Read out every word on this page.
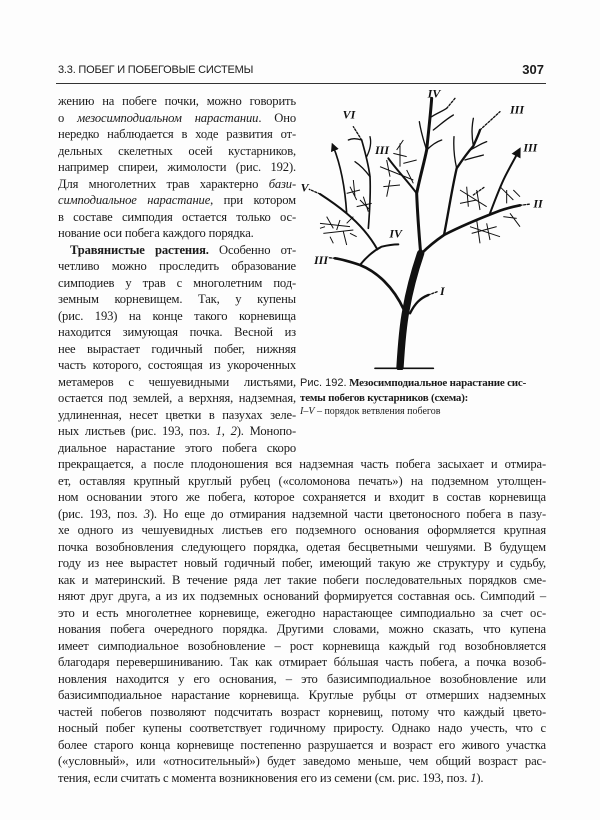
3.3. ПОБЕГ И ПОБЕГОВЫЕ СИСТЕМЫ	307
жению на побеге почки, можно говорить
о мезосимподиальном нарастании. Оно
нередко наблюдается в ходе развития от-
дельных скелетных осей кустарников,
например спиреи, жимолости (рис. 192).
Для многолетних трав характерно бази-
симподиальное нарастание, при котором
в составе симподия остается только ос-
нование оси побега каждого порядка.
Травянистые растения. Особенно от-
четливо можно проследить образование
симподиев у трав с многолетним под-
земным корневищем. Так, у купены
(рис. 193) на конце такого корневища
находится зимующая почка. Весной из
нее вырастает годичный побег, нижняя
часть которого, состоящая из укороченных
метамеров с чешуевидными листьями,
остается под землей, а верхняя, надземная,
удлиненная, несет цветки в пазухах зеле-
ных листьев (рис. 193, поз. 1, 2). Монопо-
диальное нарастание этого побега скоро
прекращается, а после плодоношения вся надземная часть побега засыхает и отмира-
ет, оставляя крупный круглый рубец («соломонова печать») на подземном утолщен-
ном основании этого же побега, которое сохраняется и входит в состав корневища
(рис. 193, поз. 3). Но еще до отмирания надземной части цветоносного побега в пазу-
хе одного из чешуевидных листьев его подземного основания оформляется крупная
почка возобновления следующего порядка, одетая бесцветными чешуями. В будущем
году из нее вырастет новый годичный побег, имеющий такую же структуру и судьбу,
как и материнский. В течение ряда лет такие побеги последовательных порядков сме-
няют друг друга, а из их подземных оснований формируется составная ось. Симподий –
это и есть многолетнее корневище, ежегодно нарастающее симподиально за счет ос-
нования побега очередного порядка. Другими словами, можно сказать, что купена
имеет симподиальное возобновление – рост корневища каждый год возобновляется
благодаря перевершиниванию. Так как отмирает бóльшая часть побега, а почка возоб-
новления находится у его основания, – это базисимподиальное возобновление или
базисимподиальное нарастание корневища. Круглые рубцы от отмерших надземных
частей побегов позволяют подсчитать возраст корневищ, потому что каждый цвето-
носный побег купены соответствует годичному приросту. Однако надо учесть, что с
более старого конца корневище постепенно разрушается и возраст его живого участка
(«условный», или «относительный») будет заведомо меньше, чем общий возраст рас-
тения, если считать с момента возникновения его из семени (см. рис. 193, поз. 1).
IV
III
VI
III	III
V
II
IV
III
I
Рис. 192. Мезосимподиальное нарастание сис-
темы побегов кустарников (схема):
I–V – порядок ветвления побегов
